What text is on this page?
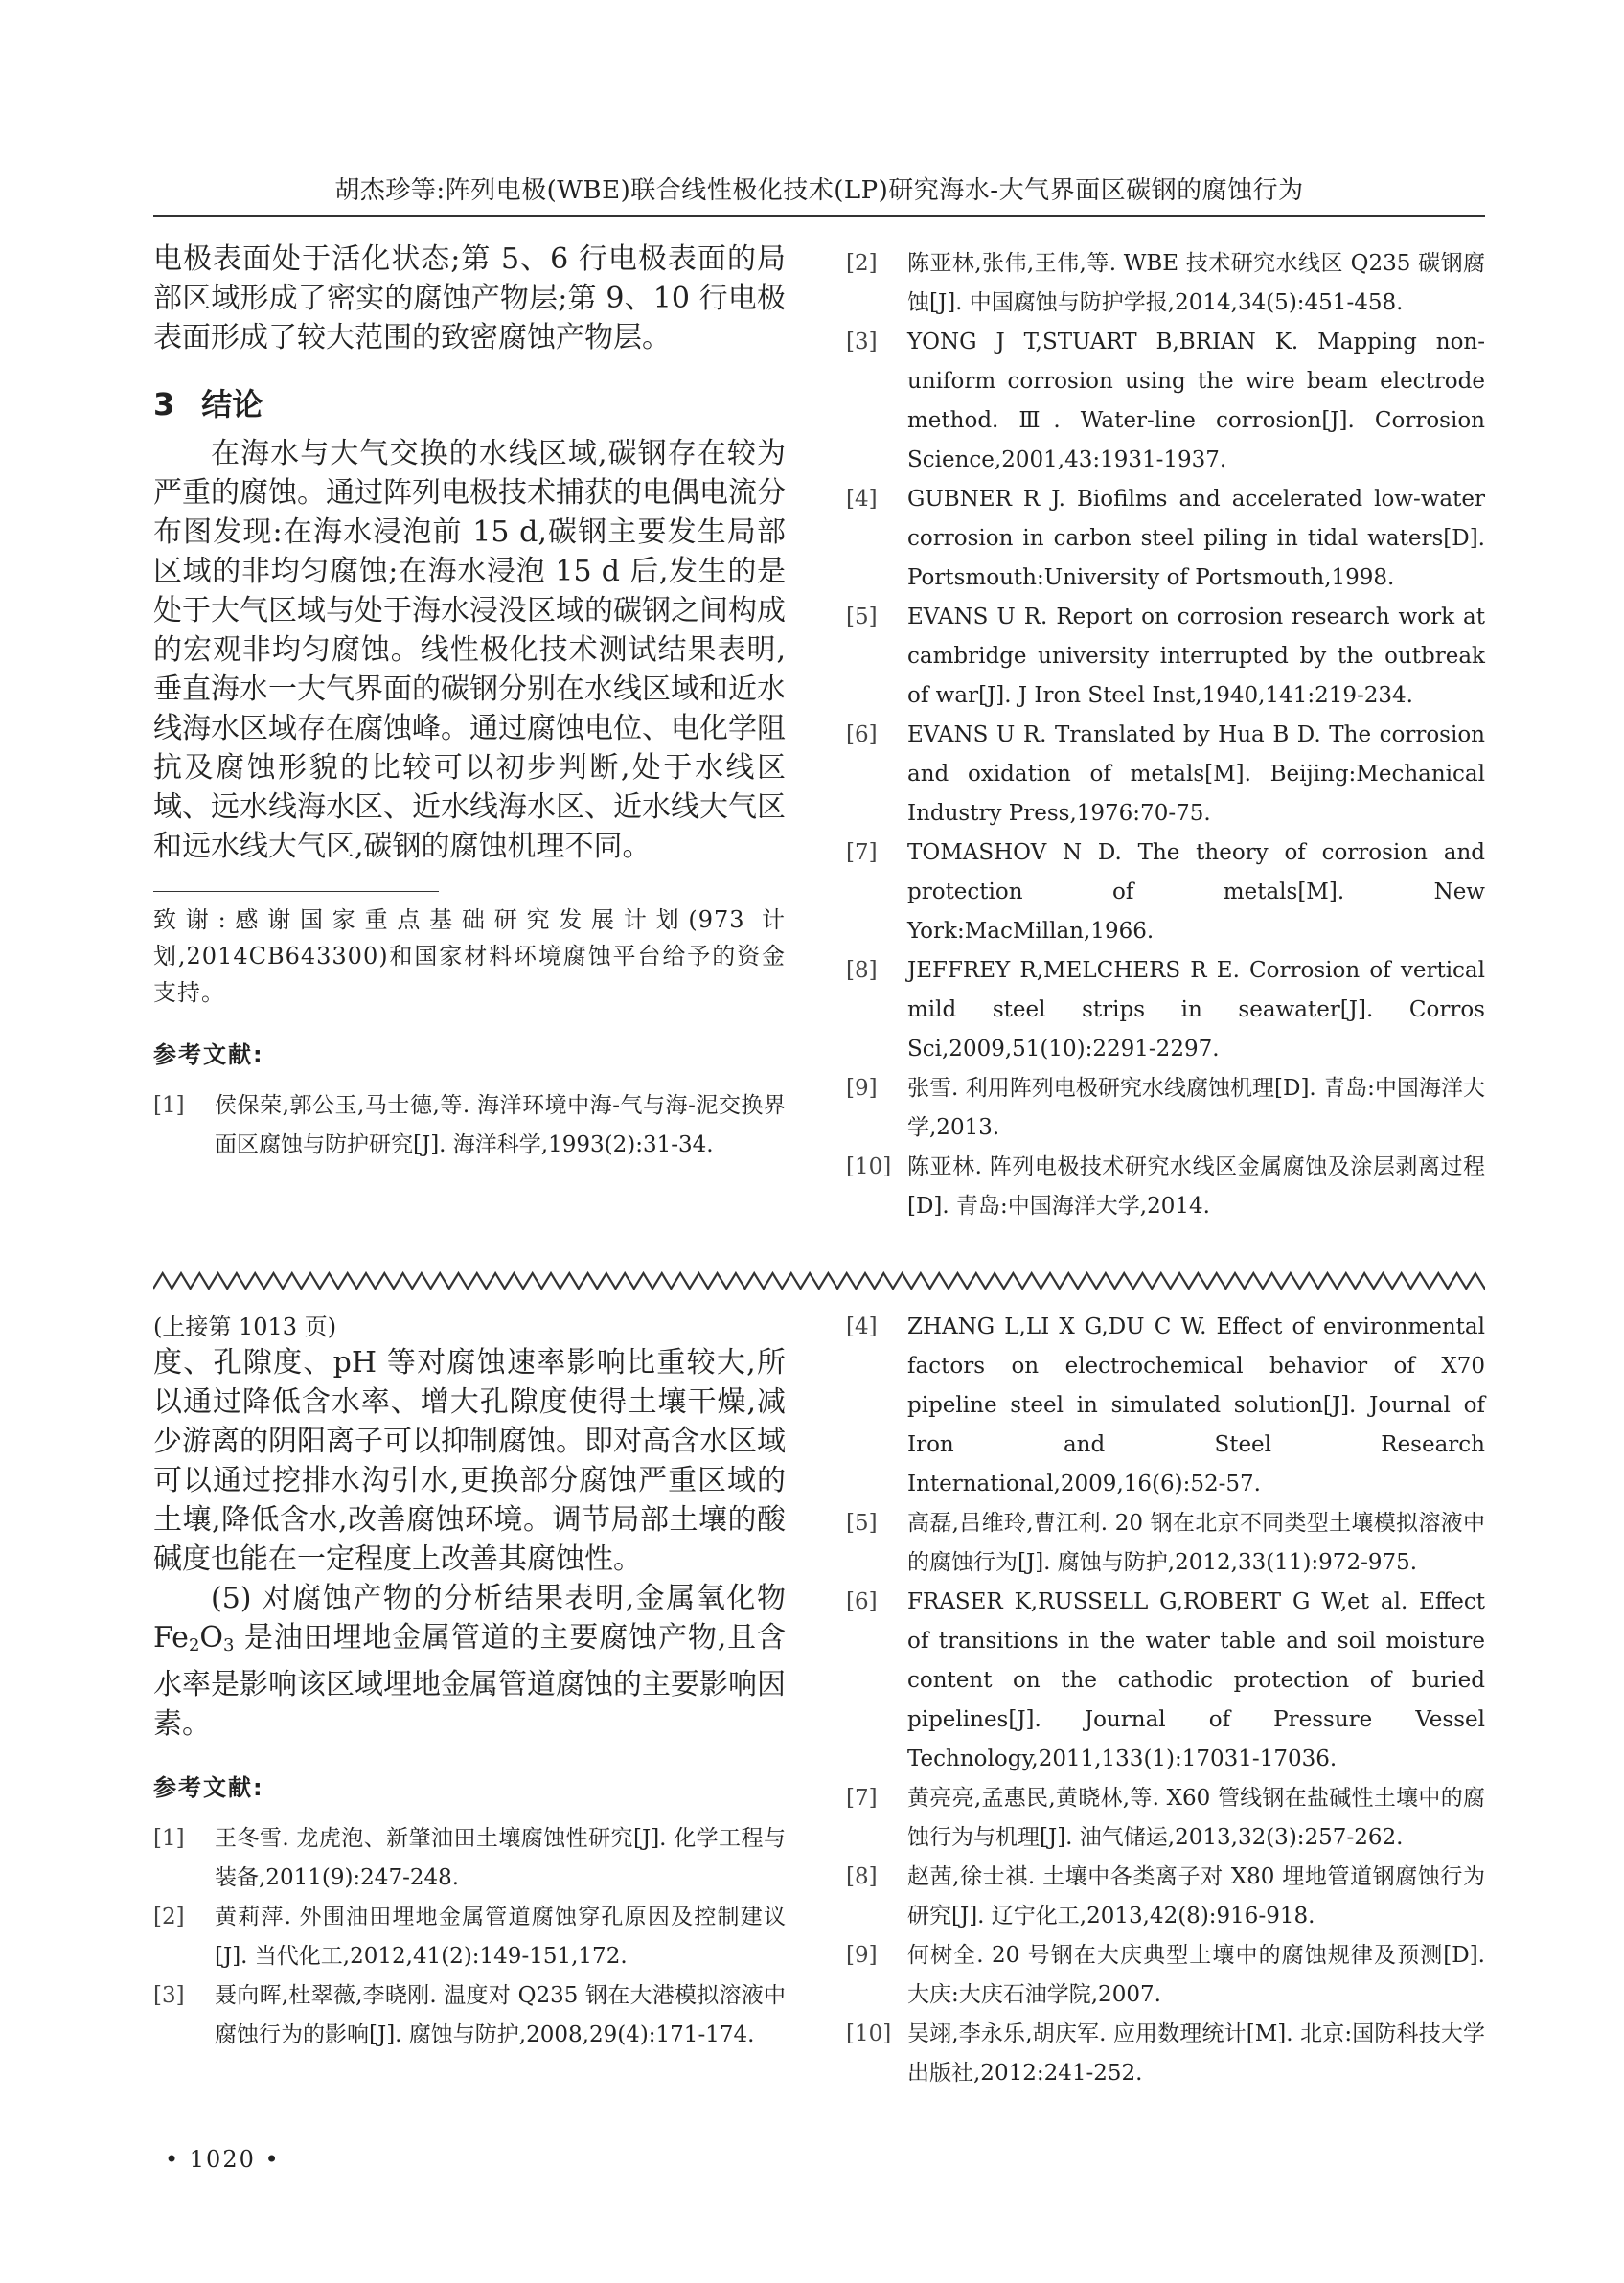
胡杰珍等:阵列电极(WBE)联合线性极化技术(LP)研究海水-大气界面区碳钢的腐蚀行为

电极表面处于活化状态;第 5、6 行电极表面的局部区域形成了密实的腐蚀产物层;第 9、10 行电极表面形成了较大范围的致密腐蚀产物层。

3 结论

在海水与大气交换的水线区域,碳钢存在较为严重的腐蚀。通过阵列电极技术捕获的电偶电流分布图发现:在海水浸泡前 15 d,碳钢主要发生局部区域的非均匀腐蚀;在海水浸泡 15 d 后,发生的是处于大气区域与处于海水浸没区域的碳钢之间构成的宏观非均匀腐蚀。线性极化技术测试结果表明,垂直海水一大气界面的碳钢分别在水线区域和近水线海水区域存在腐蚀峰。通过腐蚀电位、电化学阻抗及腐蚀形貌的比较可以初步判断,处于水线区域、远水线海水区、近水线海水区、近水线大气区和远水线大气区,碳钢的腐蚀机理不同。

致谢:感谢国家重点基础研究发展计划(973 计划,2014CB643300)和国家材料环境腐蚀平台给予的资金支持。
参考文献:
[1]	侯保荣,郭公玉,马士德,等. 海洋环境中海-气与海-泥交换界面区腐蚀与防护研究[J]. 海洋科学,1993(2):31-34.
[2]	陈亚林,张伟,王伟,等. WBE 技术研究水线区 Q235 碳钢腐蚀[J]. 中国腐蚀与防护学报,2014,34(5):451-458.
[3]	YONG J T,STUART B,BRIAN K. Mapping non-uniform corrosion using the wire beam electrode method. Ⅲ. Water-line corrosion[J]. Corrosion Science,2001,43:1931-1937.
[4]	GUBNER R J. Biofilms and accelerated low-water corrosion in carbon steel piling in tidal waters[D]. Portsmouth:University of Portsmouth,1998.
[5]	EVANS U R. Report on corrosion research work at cambridge university interrupted by the outbreak of war[J]. J Iron Steel Inst,1940,141:219-234.
[6]	EVANS U R. Translated by Hua B D. The corrosion and oxidation of metals[M]. Beijing:Mechanical Industry Press,1976:70-75.
[7]	TOMASHOV N D. The theory of corrosion and protection of metals[M]. New York:MacMillan,1966.
[8]	JEFFREY R,MELCHERS R E. Corrosion of vertical mild steel strips in seawater[J]. Corros Sci,2009,51(10):2291-2297.
[9]	张雪. 利用阵列电极研究水线腐蚀机理[D]. 青岛:中国海洋大学,2013.
[10] 陈亚林. 阵列电极技术研究水线区金属腐蚀及涂层剥离过程[D]. 青岛:中国海洋大学,2014.

(上接第 1013 页)

度、孔隙度、pH 等对腐蚀速率影响比重较大,所以通过降低含水率、增大孔隙度使得土壤干燥,减少游离的阴阳离子可以抑制腐蚀。即对高含水区域可以通过挖排水沟引水,更换部分腐蚀严重区域的土壤,降低含水,改善腐蚀环境。调节局部土壤的酸碱度也能在一定程度上改善其腐蚀性。

(5) 对腐蚀产物的分析结果表明,金属氧化物 $Fe_2O_3$ 是油田埋地金属管道的主要腐蚀产物,且含水率是影响该区域埋地金属管道腐蚀的主要影响因素。

参考文献:
[1]	王冬雪. 龙虎泡、新肇油田土壤腐蚀性研究[J]. 化学工程与装备,2011(9):247-248.
[2]	黄莉萍. 外围油田埋地金属管道腐蚀穿孔原因及控制建议[J]. 当代化工,2012,41(2):149-151,172.
[3]	聂向晖,杜翠薇,李晓刚. 温度对 Q235 钢在大港模拟溶液中腐蚀行为的影响[J]. 腐蚀与防护,2008,29(4):171-174.
[4]	ZHANG L,LI X G,DU C W. Effect of environmental factors on electrochemical behavior of X70 pipeline steel in simulated solution[J]. Journal of Iron and Steel Research International,2009,16(6):52-57.
[5]	高磊,吕维玲,曹江利. 20 钢在北京不同类型土壤模拟溶液中的腐蚀行为[J]. 腐蚀与防护,2012,33(11):972-975.
[6]	FRASER K,RUSSELL G,ROBERT G W,et al. Effect of transitions in the water table and soil moisture content on the cathodic protection of buried pipelines[J]. Journal of Pressure Vessel Technology,2011,133(1):17031-17036.
[7]	黄亮亮,孟惠民,黄晓林,等. X60 管线钢在盐碱性土壤中的腐蚀行为与机理[J]. 油气储运,2013,32(3):257-262.
[8]	赵茜,徐士祺. 土壤中各类离子对 X80 埋地管道钢腐蚀行为研究[J]. 辽宁化工,2013,42(8):916-918.
[9]	何树全. 20 号钢在大庆典型土壤中的腐蚀规律及预测[D]. 大庆:大庆石油学院,2007.
[10] 吴翊,李永乐,胡庆军. 应用数理统计[M]. 北京:国防科技大学出版社,2012:241-252.
• 1020 •
